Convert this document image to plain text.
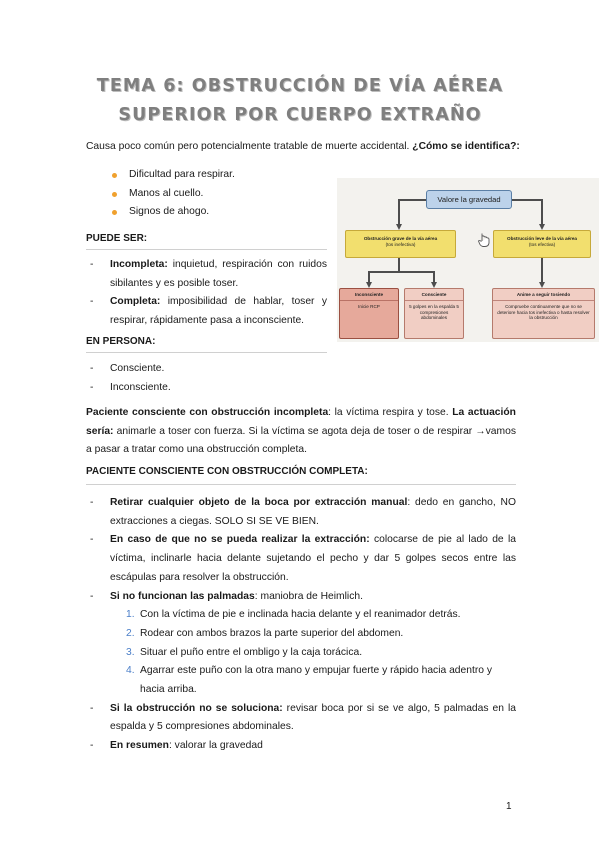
TEMA 6: OBSTRUCCIÓN DE VÍA AÉREA
SUPERIOR POR CUERPO EXTRAÑO
Causa poco común pero potencialmente tratable de muerte accidental. ¿Cómo se identifica?:
Dificultad para respirar.
Manos al cuello.
Signos de ahogo.
PUEDE SER:
- Incompleta: inquietud, respiración con ruidos sibilantes y es posible toser.
- Completa: imposibilidad de hablar, toser y respirar, rápidamente pasa a inconsciente.
EN PERSONA:
- Consciente.
- Inconsciente.
Valore la gravedad
Obstrucción grave de la vía aérea
(tos inefectiva)
Obstrucción leve de la vía aérea
(tos efectiva)
Inconsciente
Inicie RCP
Consciente
5 golpes en la espalda 5 compresiones abdominales
Anime a seguir tosiendo
Compruebe continuamente que no se deteriore hacia tos inefectiva o hasta resolver la obstrucción
Paciente consciente con obstrucción incompleta: la víctima respira y tose. La actuación sería: animarle a toser con fuerza. Si la víctima se agota deja de toser o de respirar →vamos a pasar a tratar como una obstrucción completa.
PACIENTE CONSCIENTE CON OBSTRUCCIÓN COMPLETA:
- Retirar cualquier objeto de la boca por extracción manual: dedo en gancho, NO extracciones a ciegas. SOLO SI SE VE BIEN.
- En caso de que no se pueda realizar la extracción: colocarse de pie al lado de la víctima, inclinarle hacia delante sujetando el pecho y dar 5 golpes secos entre las escápulas para resolver la obstrucción.
- Si no funcionan las palmadas: maniobra de Heimlich.
1. Con la víctima de pie e inclinada hacia delante y el reanimador detrás.
2. Rodear con ambos brazos la parte superior del abdomen.
3. Situar el puño entre el ombligo y la caja torácica.
4. Agarrar este puño con la otra mano y empujar fuerte y rápido hacia adentro y hacia arriba.
- Si la obstrucción no se soluciona: revisar boca por si se ve algo, 5 palmadas en la espalda y 5 compresiones abdominales.
- En resumen: valorar la gravedad
1
